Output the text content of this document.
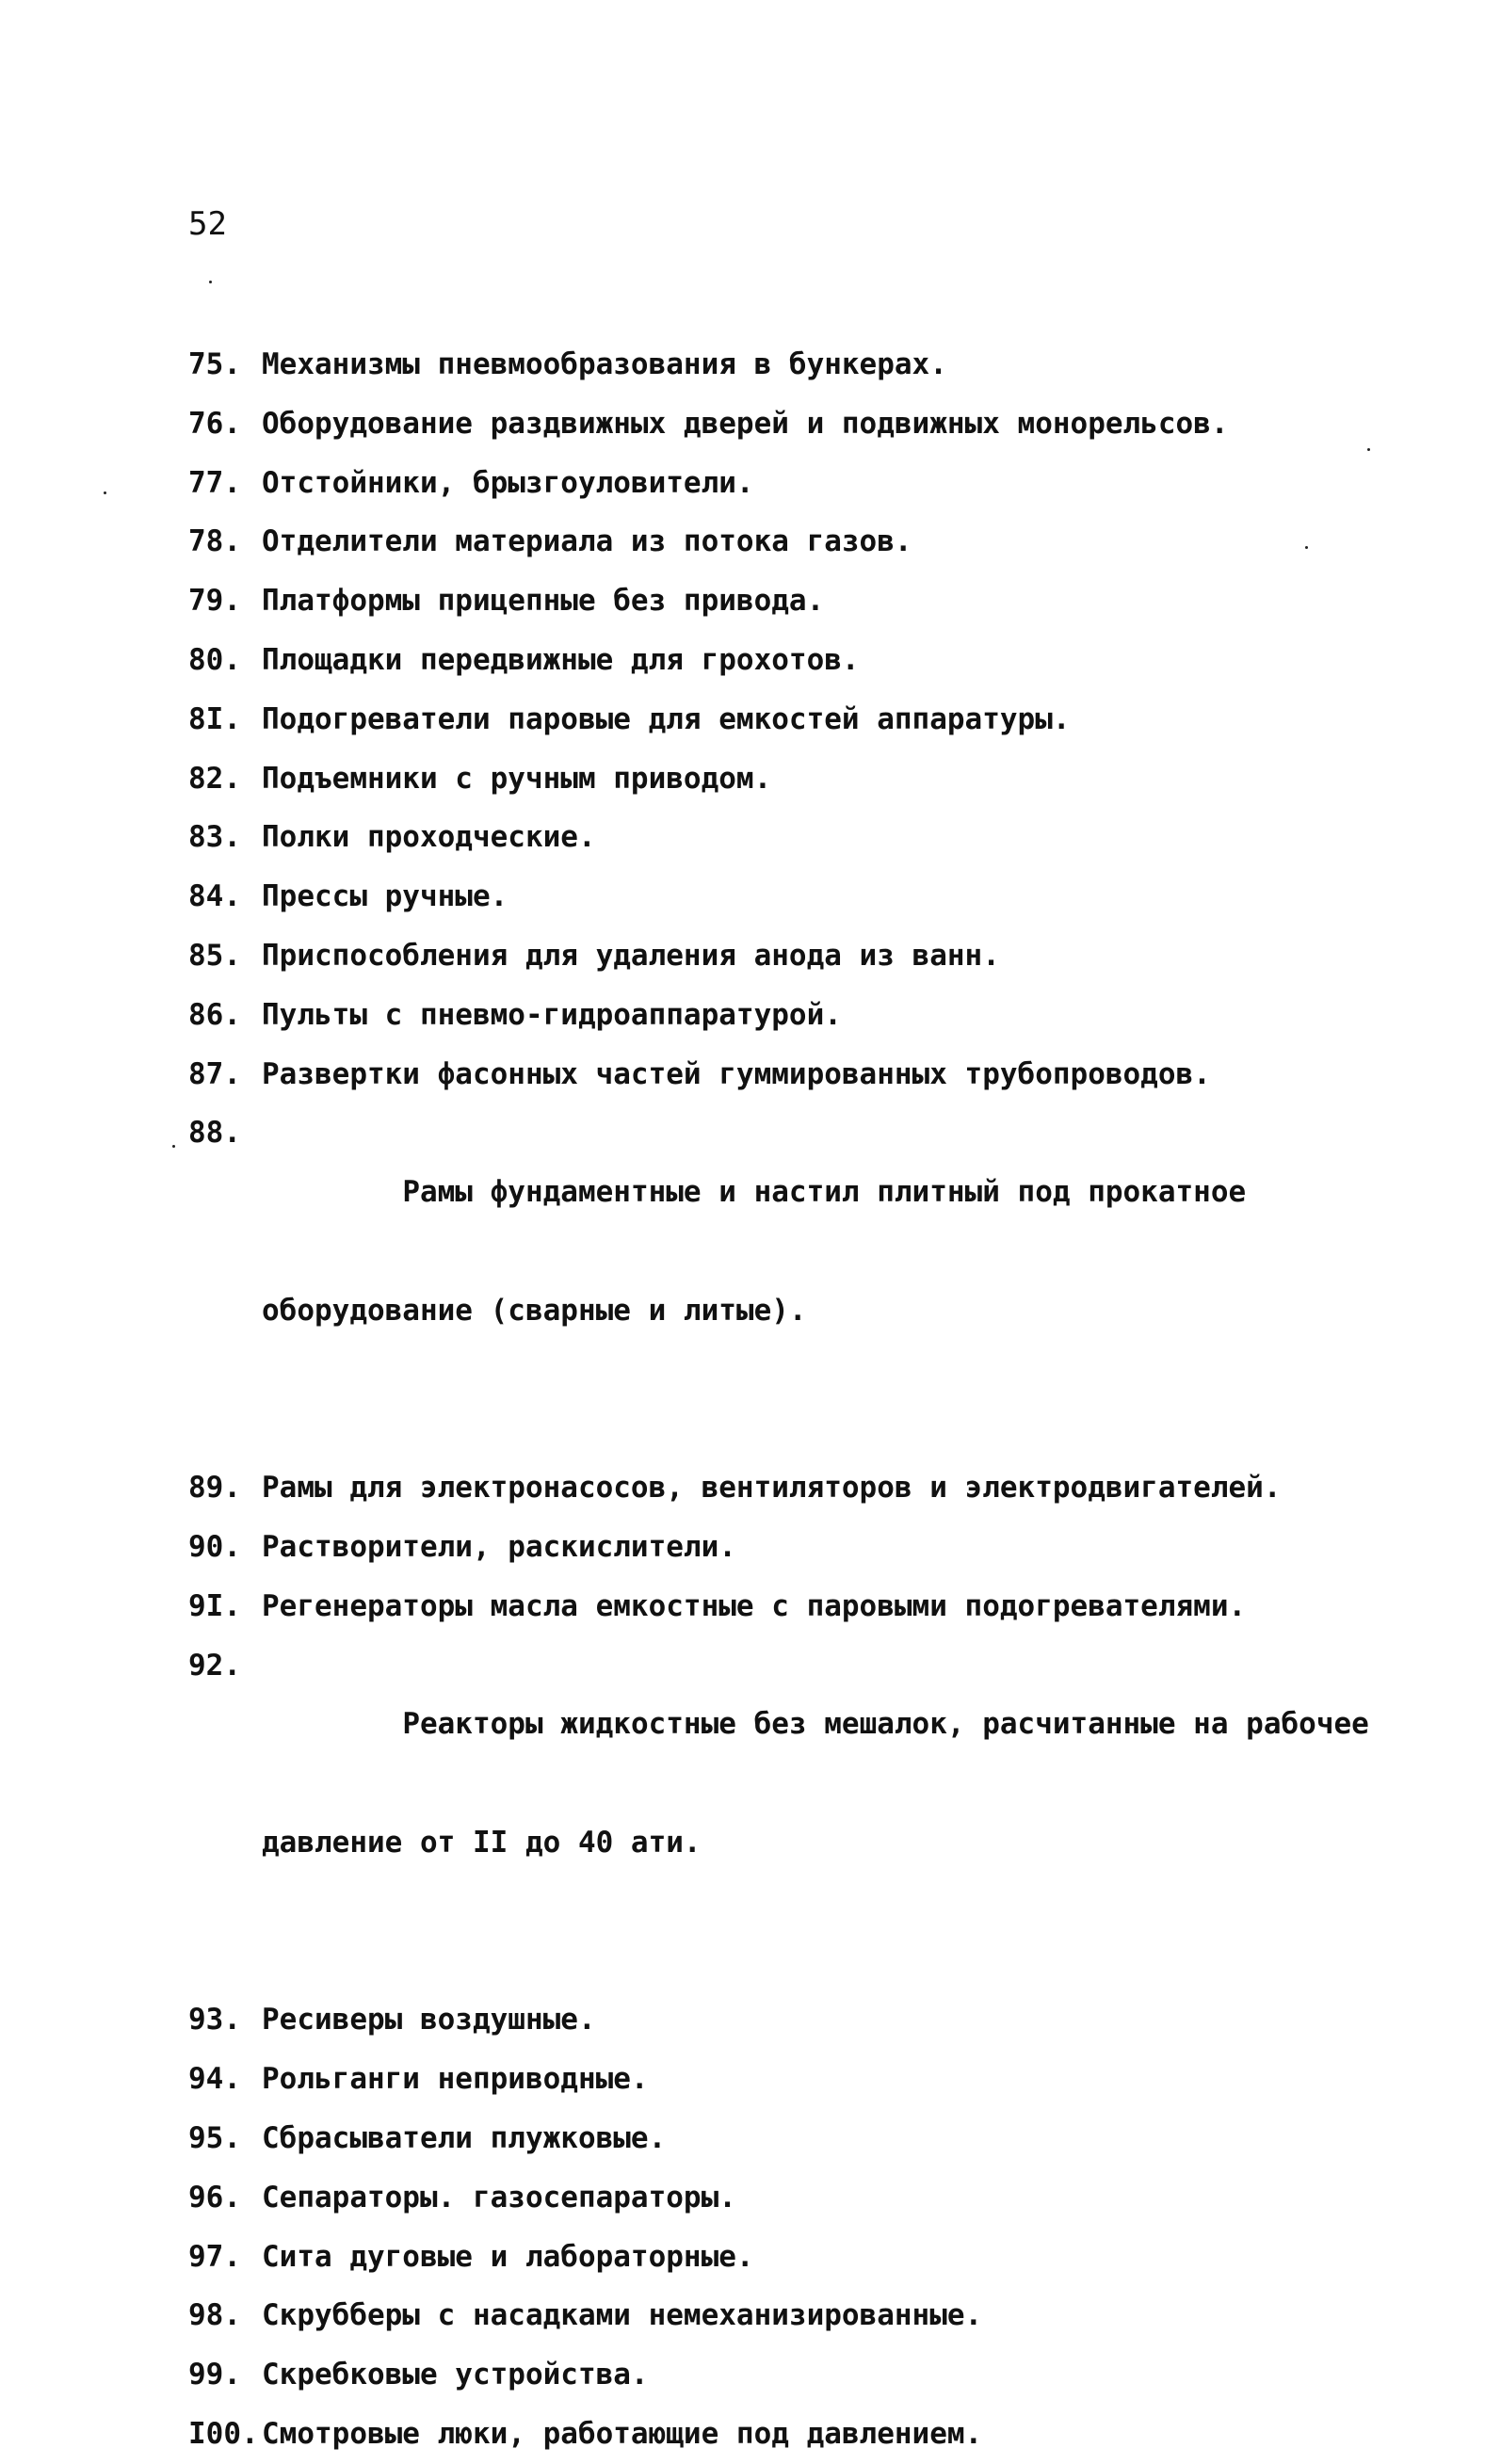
52
75. Механизмы пневмообразования в бункерах.
76. Оборудование раздвижных дверей и подвижных монорельсов.
77. Отстойники, брызгоуловители.
78. Отделители материала из потока газов.
79. Платформы прицепные без привода.
80. Площадки передвижные для грохотов.
8I. Подогреватели паровые для емкостей аппаратуры.
82. Подъемники с ручным приводом.
83. Полки проходческие.
84. Прессы ручные.
85. Приспособления для удаления анода из ванн.
86. Пульты с пневмо-гидроаппаратурой.
87. Развертки фасонных частей гуммированных трубопроводов.
88.

Рамы фундаментные и настил плитный под прокатное

оборудование (сварные и литые).

89. Рамы для электронасосов, вентиляторов и электродвигателей.
90. Растворители, раскислители.
9I. Регенераторы масла емкостные с паровыми подогревателями.
92.

Реакторы жидкостные без мешалок, расчитанные на рабочее

давление от II до 40 ати.

93. Ресиверы воздушные.
94. Рольганги неприводные.
95. Сбрасыватели плужковые.
96. Сепараторы. газосепараторы.
97. Сита дуговые и лабораторные.
98. Скрубберы с насадками немеханизированные.
99. Скребковые устройства.
I00. Смотровые люки, работающие под давлением.
